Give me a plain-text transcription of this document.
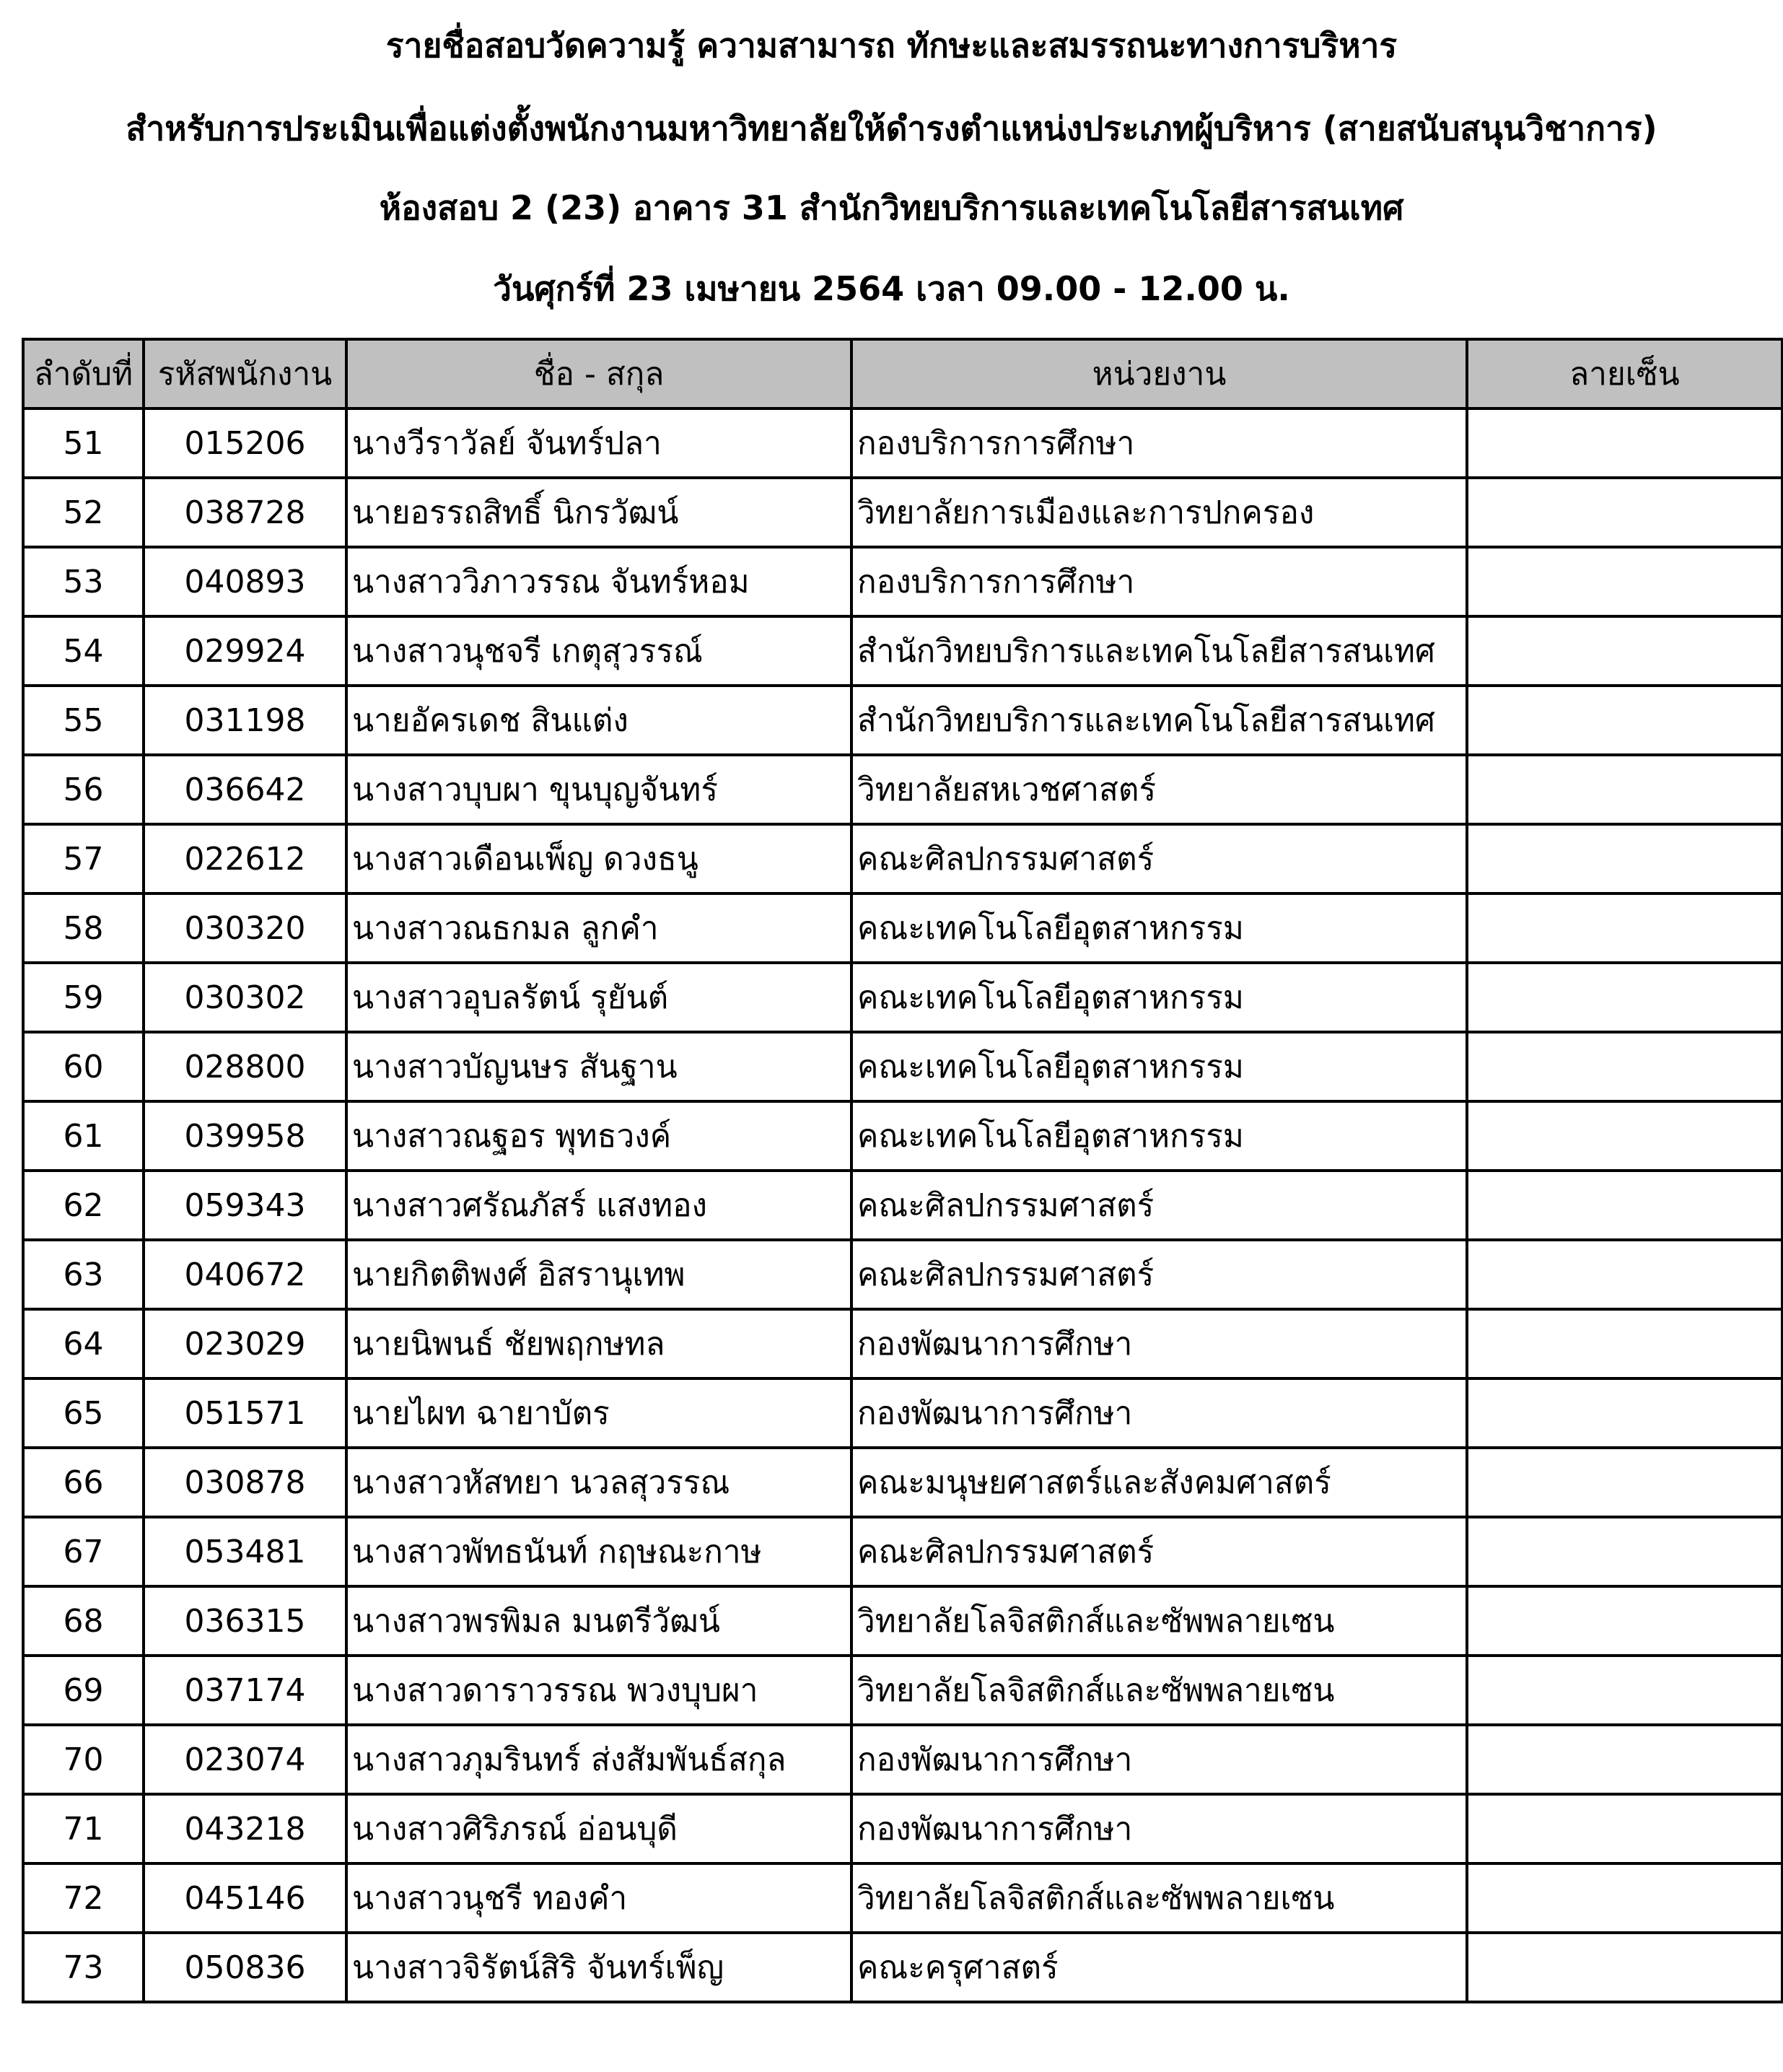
รายชื่อสอบวัดความรู้ ความสามารถ ทักษะและสมรรถนะทางการบริหาร
สำหรับการประเมินเพื่อแต่งตั้งพนักงานมหาวิทยาลัยให้ดำรงตำแหน่งประเภทผู้บริหาร (สายสนับสนุนวิชาการ)
ห้องสอบ 2 (23) อาคาร 31 สำนักวิทยบริการและเทคโนโลยีสารสนเทศ
วันศุกร์ที่ 23 เมษายน 2564 เวลา 09.00 - 12.00 น.
ลำดับที่	รหัสพนักงาน	ชื่อ - สกุล	หน่วยงาน	ลายเซ็น
51	015206	นางวีราวัลย์ จันทร์ปลา	กองบริการการศึกษา	
52	038728	นายอรรถสิทธิ์ นิกรวัฒน์	วิทยาลัยการเมืองและการปกครอง	
53	040893	นางสาววิภาวรรณ จันทร์หอม	กองบริการการศึกษา	
54	029924	นางสาวนุชจรี เกตุสุวรรณ์	สำนักวิทยบริการและเทคโนโลยีสารสนเทศ	
55	031198	นายอัครเดช สินแต่ง	สำนักวิทยบริการและเทคโนโลยีสารสนเทศ	
56	036642	นางสาวบุบผา ขุนบุญจันทร์	วิทยาลัยสหเวชศาสตร์	
57	022612	นางสาวเดือนเพ็ญ ดวงธนู	คณะศิลปกรรมศาสตร์	
58	030320	นางสาวณธกมล ลูกคำ	คณะเทคโนโลยีอุตสาหกรรม	
59	030302	นางสาวอุบลรัตน์ รุยันต์	คณะเทคโนโลยีอุตสาหกรรม	
60	028800	นางสาวบัญนษร สันฐาน	คณะเทคโนโลยีอุตสาหกรรม	
61	039958	นางสาวณฐอร พุทธวงค์	คณะเทคโนโลยีอุตสาหกรรม	
62	059343	นางสาวศรัณภัสร์ แสงทอง	คณะศิลปกรรมศาสตร์	
63	040672	นายกิตติพงศ์ อิสรานุเทพ	คณะศิลปกรรมศาสตร์	
64	023029	นายนิพนธ์ ชัยพฤกษทล	กองพัฒนาการศึกษา	
65	051571	นายไผท ฉายาบัตร	กองพัฒนาการศึกษา	
66	030878	นางสาวหัสทยา นวลสุวรรณ	คณะมนุษยศาสตร์และสังคมศาสตร์	
67	053481	นางสาวพัทธนันท์ กฤษณะกาษ	คณะศิลปกรรมศาสตร์	
68	036315	นางสาวพรพิมล มนตรีวัฒน์	วิทยาลัยโลจิสติกส์และซัพพลายเซน	
69	037174	นางสาวดาราวรรณ พวงบุบผา	วิทยาลัยโลจิสติกส์และซัพพลายเซน	
70	023074	นางสาวภุมรินทร์ ส่งสัมพันธ์สกุล	กองพัฒนาการศึกษา	
71	043218	นางสาวศิริภรณ์ อ่อนบุดี	กองพัฒนาการศึกษา	
72	045146	นางสาวนุชรี ทองคำ	วิทยาลัยโลจิสติกส์และซัพพลายเซน	
73	050836	นางสาวจิรัตน์สิริ จันทร์เพ็ญ	คณะครุศาสตร์	
